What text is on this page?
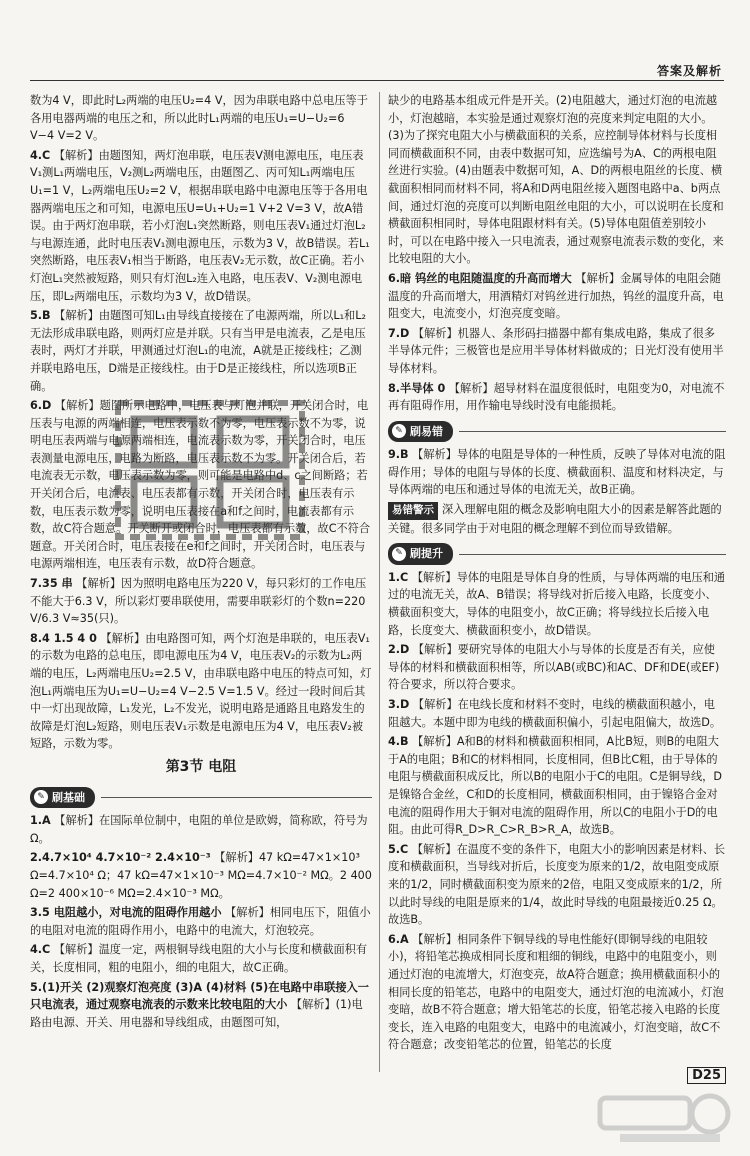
答案及解析
数为4 V，即此时L₂两端的电压U₂=4 V，因为串联电路中总电压等于各用电器两端的电压之和，所以此时L₁两端的电压U₁=U−U₂=6 V−4 V=2 V。
4.C 【解析】由题图知，两灯泡串联，电压表V测电源电压，电压表V₁测L₁两端电压，V₂测L₂两端电压，由题图乙、丙可知L₁两端电压U₁=1 V，L₂两端电压U₂=2 V，根据串联电路中电源电压等于各用电器两端电压之和可知，电源电压U=U₁+U₂=1 V+2 V=3 V，故A错误。由于两灯泡串联，若小灯泡L₁突然断路，则电压表V₁通过灯泡L₂与电源连通，此时电压表V₁测电源电压，示数为3 V，故B错误。若L₁突然断路，电压表V₁相当于断路，电压表V₂无示数，故C正确。若小灯泡L₁突然被短路，则只有灯泡L₂连入电路，电压表V、V₂测电源电压，即L₂两端电压，示数均为3 V，故D错误。
5.B 【解析】由题图可知L₁由导线直接接在了电源两端，所以L₁和L₂无法形成串联电路，则两灯应是并联。只有当甲是电流表，乙是电压表时，两灯才并联，甲测通过灯泡L₁的电流，A就是正接线柱；乙测并联电路电压，D端是正接线柱。由于D是正接线柱，所以选项B正确。
6.D 【解析】题图所示电路中，电压表与灯泡并联，开关闭合时，电压表与电源的两端相连，电压表示数不为零，电压表示数不为零，说明电压表两端与电源两端相连，电流表示数为零，开关闭合时，电压表测量电源电压，电路为断路，电压表示数不为零。开关闭合后，若电流表无示数，电压表示数为零，则可能是电路中d、c之间断路；若开关闭合后，电流表、电压表都有示数，开关闭合时，电压表有示数，电压表示数为零，说明电压表接在a和f之间时，电流表都有示数，故C符合题意。开关断开或闭合时，电压表都有示数，故C不符合题意。开关闭合时，电压表接在e和f之间时，开关闭合时，电压表与电源两端相连，电压表有示数，故D符合题意。
7.35 串 【解析】因为照明电路电压为220 V，每只彩灯的工作电压不能大于6.3 V，所以彩灯要串联使用，需要串联彩灯的个数n=220 V/6.3 V≈35(只)。
8.4 1.5 4 0 【解析】由电路图可知，两个灯泡是串联的，电压表V₁的示数为电路的总电压，即电源电压为4 V，电压表V₂的示数为L₂两端的电压，L₂两端电压U₂=2.5 V，由串联电路中电压的特点可知，灯泡L₁两端电压为U₁=U−U₂=4 V−2.5 V=1.5 V。经过一段时间后其中一灯出现故障，L₁发光，L₂不发光，说明电路是通路且电路发生的故障是灯泡L₂短路，则电压表V₁示数是电源电压为4 V，电压表V₂被短路，示数为零。
第3节 电阻
✎ 刷基础
1.A 【解析】在国际单位制中，电阻的单位是欧姆，简称欧，符号为Ω。
2.4.7×10⁴ 4.7×10⁻² 2.4×10⁻³ 【解析】47 kΩ=47×1×10³ Ω=4.7×10⁴ Ω；47 kΩ=47×1×10⁻³ MΩ=4.7×10⁻² MΩ。2 400 Ω=2 400×10⁻⁶ MΩ=2.4×10⁻³ MΩ。
3.5 电阻越小，对电流的阻碍作用越小 【解析】相同电压下，阻值小的电阻对电流的阻碍作用小，电路中的电流大，灯泡较亮。
4.C 【解析】温度一定，两根铜导线电阻的大小与长度和横截面积有关，长度相同，粗的电阻小，细的电阻大，故C正确。
5.(1)开关 (2)观察灯泡亮度 (3)A (4)材料 (5)在电路中串联接入一只电流表，通过观察电流表的示数来比较电阻的大小 【解析】(1)电路由电源、开关、用电器和导线组成，由题图可知，
缺少的电路基本组成元件是开关。(2)电阻越大，通过灯泡的电流越小，灯泡越暗，本实验是通过观察灯泡的亮度来判定电阻的大小。(3)为了探究电阻大小与横截面积的关系，应控制导体材料与长度相同而横截面积不同，由表中数据可知，应选编号为A、C的两根电阻丝进行实验。(4)由题表中数据可知，A、D的两根电阻丝的长度、横截面积相同而材料不同，将A和D两电阻丝接入题图电路中a、b两点间，通过灯泡的亮度可以判断电阻丝电阻的大小，可以说明在长度和横截面积相同时，导体电阻跟材料有关。(5)导体电阻值差别较小时，可以在电路中接入一只电流表，通过观察电流表示数的变化，来比较电阻的大小。
6.暗 钨丝的电阻随温度的升高而增大 【解析】金属导体的电阻会随温度的升高而增大，用酒精灯对钨丝进行加热，钨丝的温度升高，电阻变大，电流变小，灯泡亮度变暗。
7.D 【解析】机器人、条形码扫描器中都有集成电路，集成了很多半导体元件；三极管也是应用半导体材料做成的；日光灯没有使用半导体材料。
8.半导体 0 【解析】超导材料在温度很低时，电阻变为0，对电流不再有阻碍作用，用作输电导线时没有电能损耗。
✎ 刷易错
9.B 【解析】导体的电阻是导体的一种性质，反映了导体对电流的阻碍作用；导体的电阻与导体的长度、横截面积、温度和材料决定，与导体两端的电压和通过导体的电流无关，故B正确。
易错警示 深入理解电阻的概念及影响电阻大小的因素是解答此题的关键。很多同学由于对电阻的概念理解不到位而导致错解。
✎ 刷提升
1.C 【解析】导体的电阻是导体自身的性质，与导体两端的电压和通过的电流无关，故A、B错误；将导线对折后接入电路，长度变小、横截面积变大，导体的电阻变小，故C正确；将导线拉长后接入电路，长度变大、横截面积变小，故D错误。
2.D 【解析】要研究导体的电阻大小与导体的长度是否有关，应使导体的材料和横截面积相等，所以AB(或BC)和AC、DF和DE(或EF)符合要求，所以符合要求。
3.D 【解析】在电线长度和材料不变时，电线的横截面积越小，电阻越大。本题中即为电线的横截面积偏小，引起电阻偏大，故选D。
4.B 【解析】A和B的材料和横截面积相同，A比B短，则B的电阻大于A的电阻；B和C的材料相同，长度相同，但B比C粗，由于导体的电阻与横截面积成反比，所以B的电阻小于C的电阻。C是铜导线，D是镍铬合金丝，C和D的长度相同，横截面积相同，由于镍铬合金对电流的阻碍作用大于铜对电流的阻碍作用，所以C的电阻小于D的电阻。由此可得R_D>R_C>R_B>R_A，故选B。
5.C 【解析】在温度不变的条件下，电阻大小的影响因素是材料、长度和横截面积，当导线对折后，长度变为原来的1/2，故电阻变成原来的1/2，同时横截面积变为原来的2倍，电阻又变成原来的1/2，所以此时导线的电阻是原来的1/4，故此时导线的电阻最接近0.25 Ω。故选B。
6.A 【解析】相同条件下铜导线的导电性能好(即铜导线的电阻较小)，将铅笔芯换成相同长度和粗细的铜线，电路中的电阻变小，则通过灯泡的电流增大，灯泡变亮，故A符合题意；换用横截面积小的相同长度的铅笔芯，电路中的电阻变大，通过灯泡的电流减小，灯泡变暗，故B不符合题意；增大铅笔芯的长度，铅笔芯接入电路的长度变长，连入电路的电阻变大，电路中的电流减小，灯泡变暗，故C不符合题意；改变铅笔芯的位置，铅笔芯的长度
D25
